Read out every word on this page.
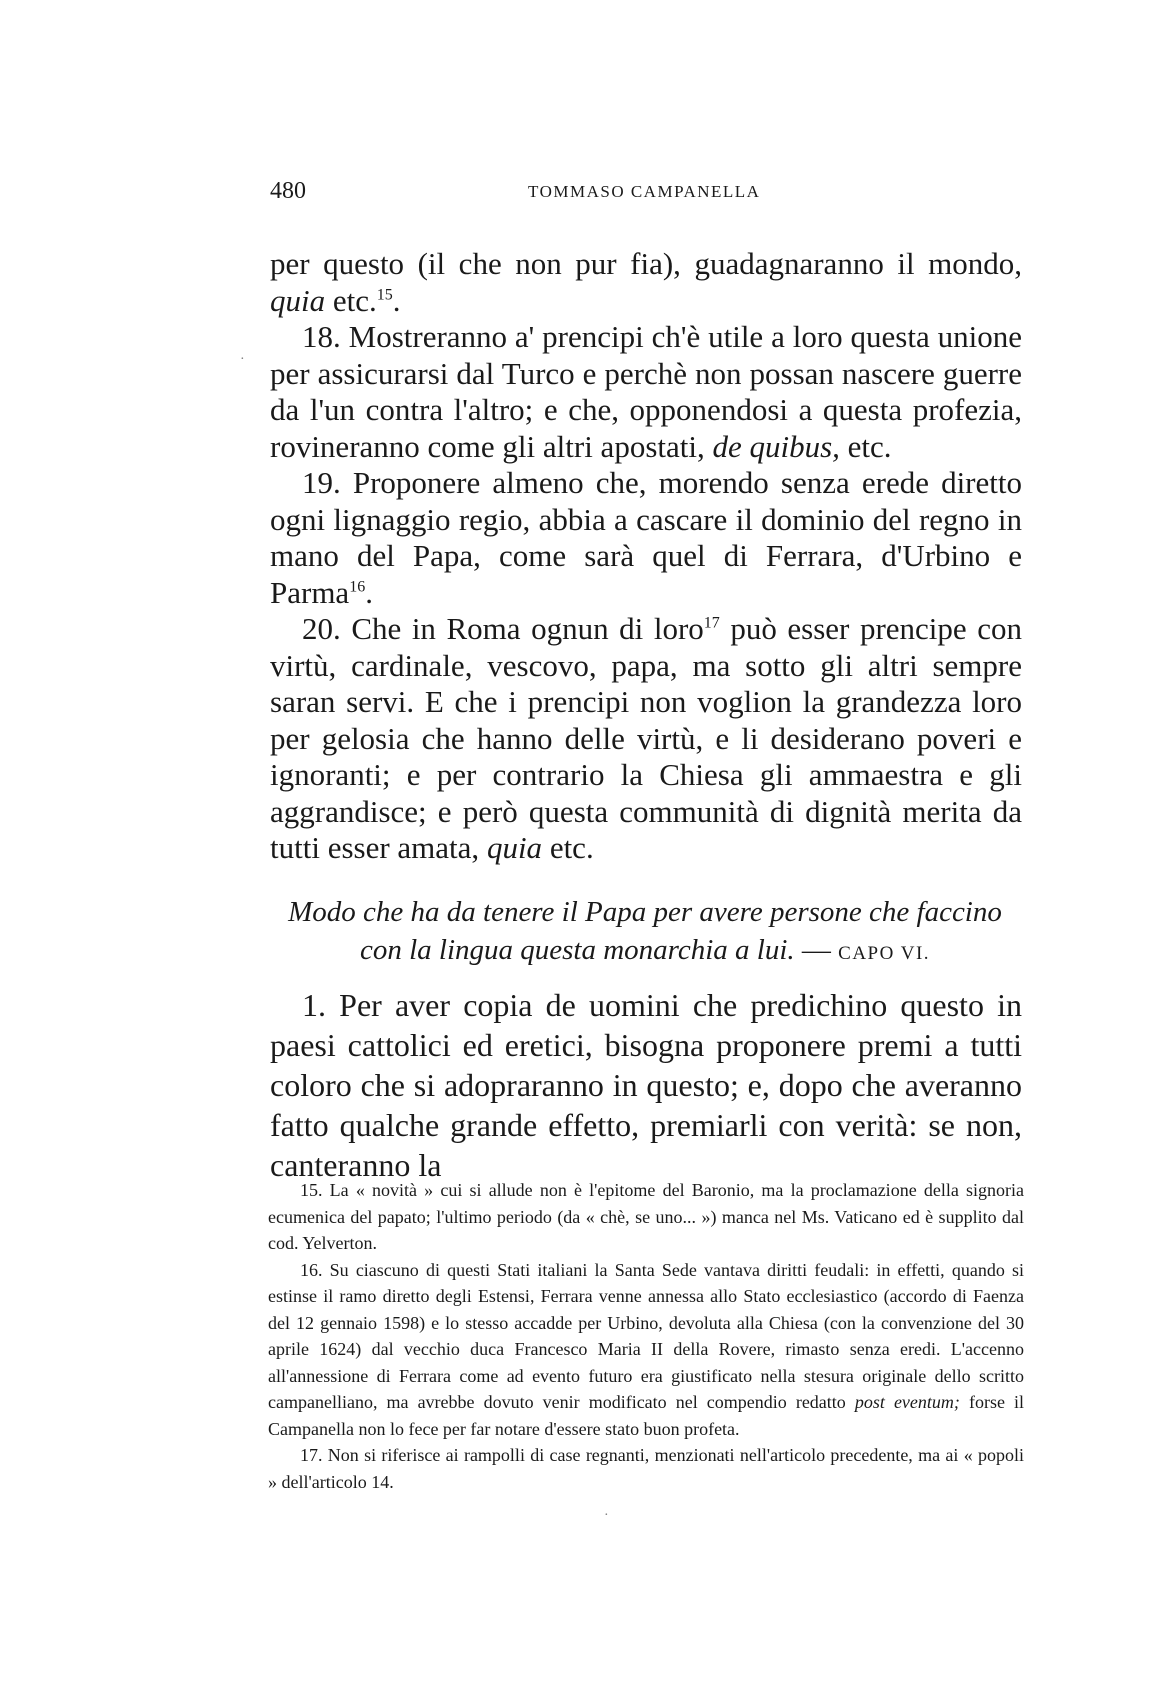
480	TOMMASO CAMPANELLA

per questo (il che non pur fia), guadagnaranno il mondo, quia etc.$^{15}$.

18. Mostreranno a' prencipi ch'è utile a loro questa unione per assicurarsi dal Turco e perchè non possan nascere guerre da l'un contra l'altro; e che, opponendosi a questa profezia, rovineranno come gli altri apostati, de quibus, etc.

19. Proponere almeno che, morendo senza erede diretto ogni lignaggio regio, abbia a cascare il dominio del regno in mano del Papa, come sarà quel di Ferrara, d'Urbino e Parma$^{16}$.

20. Che in Roma ognun di loro$^{17}$ può esser prencipe con virtù, cardinale, vescovo, papa, ma sotto gli altri sempre saran servi. E che i prencipi non voglion la grandezza loro per gelosia che hanno delle virtù, e li desiderano poveri e ignoranti; e per contrario la Chiesa gli ammaestra e gli aggrandisce; e però questa communità di dignità merita da tutti esser amata, quia etc.

Modo che ha da tenere il Papa per avere persone che faccino

con la lingua questa monarchia a lui. — CAPO VI.

1. Per aver copia de uomini che predichino questo in paesi cattolici ed eretici, bisogna proponere premi a tutti coloro che si adopraranno in questo; e, dopo che averanno fatto qualche grande effetto, premiarli con verità: se non, canteranno la

15. La « novità » cui si allude non è l'epitome del Baronio, ma la proclamazione della signoria ecumenica del papato; l'ultimo periodo (da « chè, se uno... ») manca nel Ms. Vaticano ed è supplito dal cod. Yelverton.

16. Su ciascuno di questi Stati italiani la Santa Sede vantava diritti feudali: in effetti, quando si estinse il ramo diretto degli Estensi, Ferrara venne annessa allo Stato ecclesiastico (accordo di Faenza del 12 gennaio 1598) e lo stesso accadde per Urbino, devoluta alla Chiesa (con la convenzione del 30 aprile 1624) dal vecchio duca Francesco Maria II della Rovere, rimasto senza eredi. L'accenno all'annessione di Ferrara come ad evento futuro era giustificato nella stesura originale dello scritto campanelliano, ma avrebbe dovuto venir modificato nel compendio redatto post eventum; forse il Campanella non lo fece per far notare d'essere stato buon profeta.

17. Non si riferisce ai rampolli di case regnanti, menzionati nell'articolo precedente, ma ai « popoli » dell'articolo 14.

·
·
